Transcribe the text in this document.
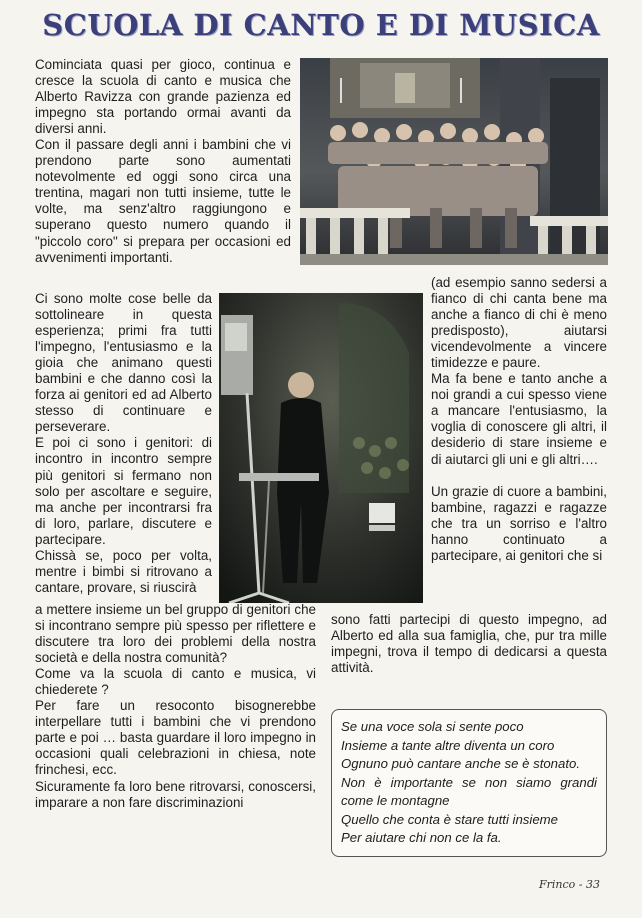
SCUOLA DI CANTO E DI MUSICA

Cominciata quasi per gioco, continua e cresce la scuola di canto e musica che Alberto Ravizza con grande pazienza ed impegno sta portando ormai avanti da diversi anni.

Con il passare degli anni i bambini che vi prendono parte sono aumentati notevolmente ed oggi sono circa una trentina, magari non tutti insieme, tutte le volte, ma senz'altro raggiungono e superano questo numero quando il "piccolo coro" si prepara per occasioni ed avvenimenti importanti.

Ci sono molte cose belle da sottolineare in questa esperienza; primi fra tutti l'impegno, l'entusiasmo e la gioia che animano questi bambini e che danno così la forza ai genitori ed ad Alberto stesso di continuare e perseverare.

E poi ci sono i genitori: di incontro in incontro sempre più genitori si fermano non solo per ascoltare e seguire, ma anche per incontrarsi fra di loro, parlare, discutere e partecipare.

Chissà se, poco per volta, mentre i bimbi si ritrovano a cantare, provare, si riuscirà

(ad esempio sanno sedersi a fianco di chi canta bene ma anche a fianco di chi è meno predisposto), aiutarsi vicendevolmente a vincere timidezze e paure.

Ma fa bene e tanto anche a noi grandi a cui spesso viene a mancare l'entusiasmo, la voglia di conoscere gli altri, il desiderio di stare insieme e di aiutarci gli uni e gli altri….

Un grazie di cuore a bambini, bambine, ragazzi e ragazze che tra un sorriso e l'altro hanno continuato a partecipare, ai genitori che si

sono fatti partecipi di questo impegno, ad Alberto ed alla sua famiglia, che, pur tra mille impegni, trova il tempo di dedicarsi a questa attività.

a mettere insieme un bel gruppo di genitori che si incontrano sempre più spesso per riflettere e discutere tra loro dei problemi della nostra società e della nostra comunità?

Come va la scuola di canto e musica, vi chiederete ?

Per fare un resoconto bisognerebbe interpellare tutti i bambini che vi prendono parte e poi … basta guardare il loro impegno in occasioni quali celebrazioni in chiesa, note frinchesi, ecc.

Sicuramente fa loro bene ritrovarsi, conoscersi, imparare a non fare discriminazioni

Se una voce sola si sente poco
Insieme a tante altre diventa un coro
Ognuno può cantare anche se è stonato.
Non è importante se non siamo grandi come le montagne
Quello che conta è stare tutti insieme
Per aiutare chi non ce la fa.
Frinco - 33
